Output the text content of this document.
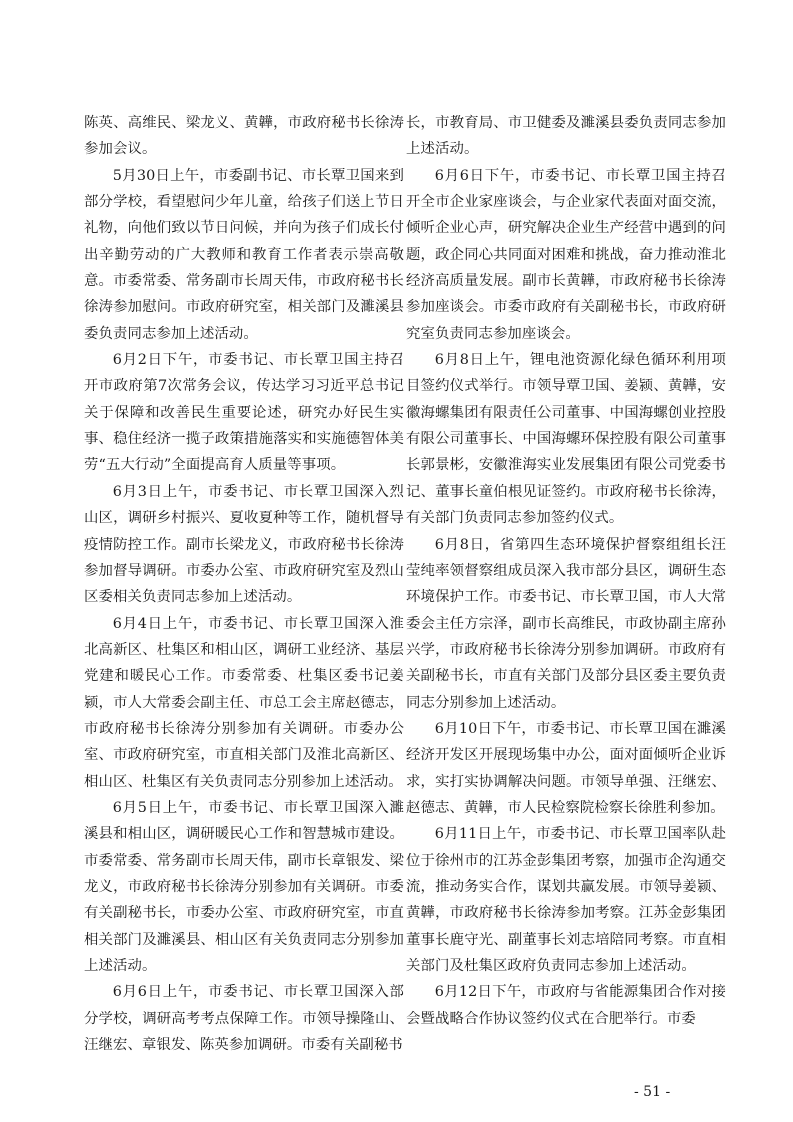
陈英、高维民、梁龙义、黄韡，市政府秘书长徐涛参加会议。

5月30日上午，市委副书记、市长覃卫国来到部分学校，看望慰问少年儿童，给孩子们送上节日礼物，向他们致以节日问候，并向为孩子们成长付出辛勤劳动的广大教师和教育工作者表示崇高敬意。市委常委、常务副市长周天伟，市政府秘书长徐涛参加慰问。市政府研究室，相关部门及濉溪县委负责同志参加上述活动。

6月2日下午，市委书记、市长覃卫国主持召开市政府第7次常务会议，传达学习习近平总书记关于保障和改善民生重要论述，研究办好民生实事、稳住经济一揽子政策措施落实和实施德智体美劳“五大行动”全面提高育人质量等事项。

6月3日上午，市委书记、市长覃卫国深入烈山区，调研乡村振兴、夏收夏种等工作，随机督导疫情防控工作。副市长梁龙义，市政府秘书长徐涛参加督导调研。市委办公室、市政府研究室及烈山区委相关负责同志参加上述活动。

6月4日上午，市委书记、市长覃卫国深入淮北高新区、杜集区和相山区，调研工业经济、基层党建和暖民心工作。市委常委、杜集区委书记姜颍，市人大常委会副主任、市总工会主席赵德志，市政府秘书长徐涛分别参加有关调研。市委办公室、市政府研究室，市直相关部门及淮北高新区、相山区、杜集区有关负责同志分别参加上述活动。

6月5日上午，市委书记、市长覃卫国深入濉溪县和相山区，调研暖民心工作和智慧城市建设。市委常委、常务副市长周天伟，副市长章银发、梁龙义，市政府秘书长徐涛分别参加有关调研。市委有关副秘书长，市委办公室、市政府研究室，市直相关部门及濉溪县、相山区有关负责同志分别参加上述活动。

6月6日上午，市委书记、市长覃卫国深入部分学校，调研高考考点保障工作。市领导操隆山、汪继宏、章银发、陈英参加调研。市委有关副秘书

长，市教育局、市卫健委及濉溪县委负责同志参加上述活动。

6月6日下午，市委书记、市长覃卫国主持召开全市企业家座谈会，与企业家代表面对面交流，倾听企业心声，研究解决企业生产经营中遇到的问题，政企同心共同面对困难和挑战，奋力推动淮北经济高质量发展。副市长黄韡，市政府秘书长徐涛参加座谈会。市委市政府有关副秘书长，市政府研究室负责同志参加座谈会。

6月8日上午，锂电池资源化绿色循环利用项目签约仪式举行。市领导覃卫国、姜颍、黄韡，安徽海螺集团有限责任公司董事、中国海螺创业控股有限公司董事长、中国海螺环保控股有限公司董事长郭景彬，安徽淮海实业发展集团有限公司党委书记、董事长童伯根见证签约。市政府秘书长徐涛，有关部门负责同志参加签约仪式。

6月8日，省第四生态环境保护督察组组长汪莹纯率领督察组成员深入我市部分县区，调研生态环境保护工作。市委书记、市长覃卫国，市人大常委会主任方宗泽，副市长高维民，市政协副主席孙兴学，市政府秘书长徐涛分别参加调研。市政府有关副秘书长，市直有关部门及部分县区委主要负责同志分别参加上述活动。

6月10日下午，市委书记、市长覃卫国在濉溪经济开发区开展现场集中办公，面对面倾听企业诉求，实打实协调解决问题。市领导单强、汪继宏、赵德志、黄韡，市人民检察院检察长徐胜利参加。

6月11日上午，市委书记、市长覃卫国率队赴位于徐州市的江苏金彭集团考察，加强市企沟通交流，推动务实合作，谋划共赢发展。市领导姜颍、黄韡，市政府秘书长徐涛参加考察。江苏金彭集团董事长鹿守光、副董事长刘志培陪同考察。市直相关部门及杜集区政府负责同志参加上述活动。

6月12日下午，市政府与省能源集团合作对接会暨战略合作协议签约仪式在合肥举行。市委

- 51 -
